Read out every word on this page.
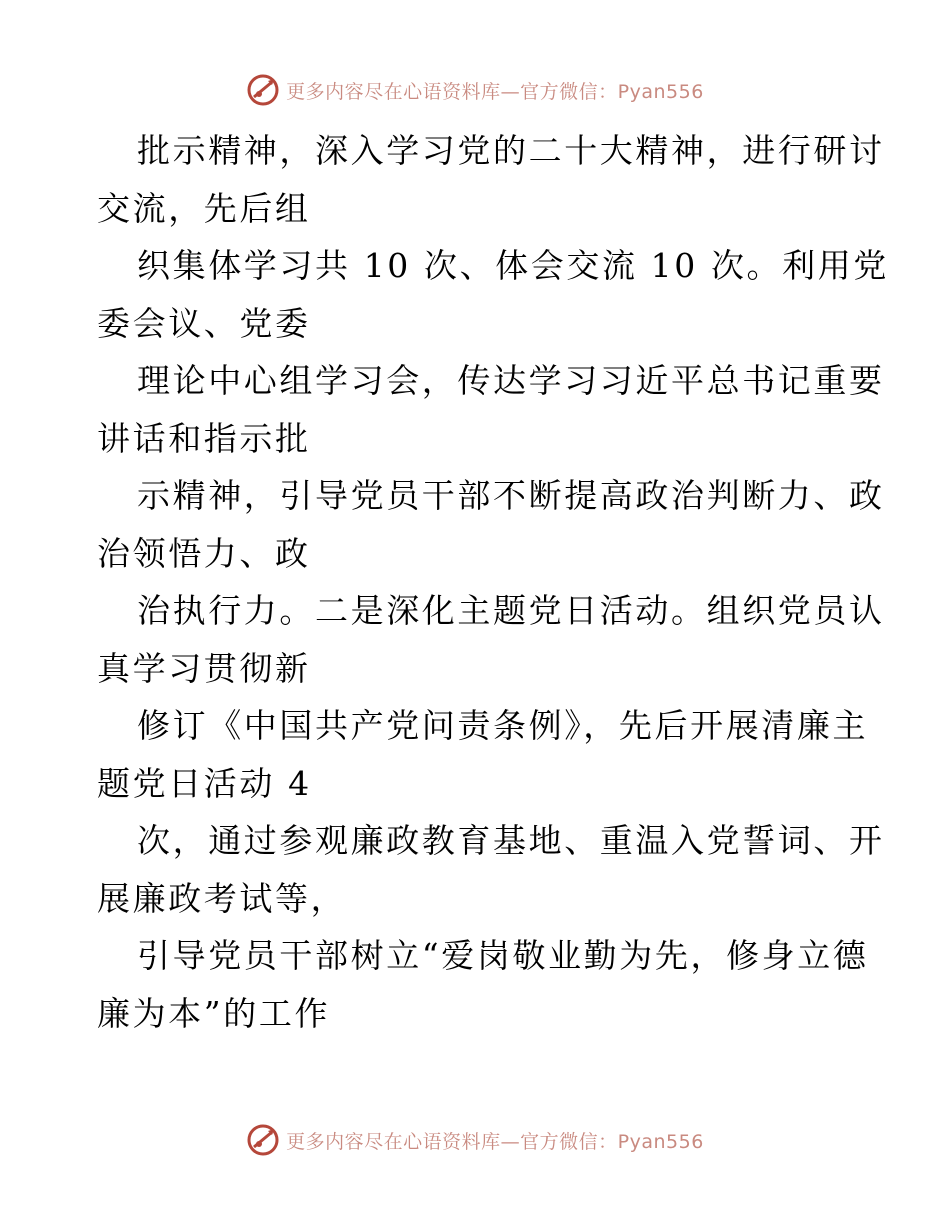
更多内容尽在心语资料库—官方微信：Pyan556
批示精神，深入学习党的二十大精神，进行研讨
交流，先后组
织集体学习共 10 次、体会交流 10 次。利用党
委会议、党委
理论中心组学习会，传达学习习近平总书记重要
讲话和指示批
示精神，引导党员干部不断提高政治判断力、政
治领悟力、政
治执行力。二是深化主题党日活动。组织党员认
真学习贯彻新
修订《中国共产党问责条例》，先后开展清廉主
题党日活动 4
次，通过参观廉政教育基地、重温入党誓词、开
展廉政考试等，
引导党员干部树立“爱岗敬业勤为先，修身立德
廉为本”的工作
更多内容尽在心语资料库—官方微信：Pyan556
